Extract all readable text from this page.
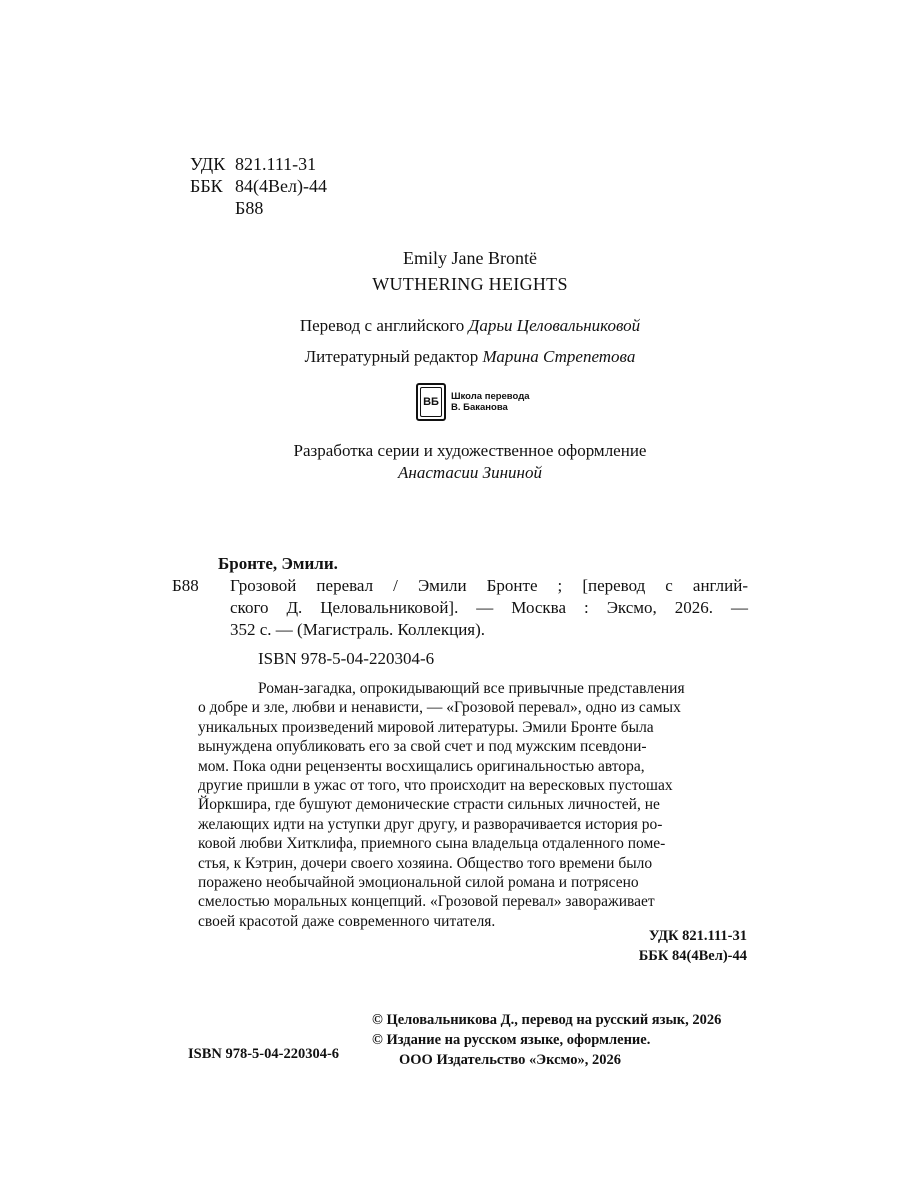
УДК 821.111-31
ББК 84(4Вел)-44
Б88
Emily Jane Brontë
WUTHERING HEIGHTS
Перевод с английского Дарьи Целовальниковой
Литературный редактор Марина Стрепетова
ВБ	Школа перевода
В. Баканова
Разработка серии и художественное оформление
Анастасии Зининой
Бронте, Эмили.
Б88 Грозовой перевал / Эмили Бронте ; [перевод с англий-
ского Д. Целовальниковой]. — Москва : Эксмо, 2026. —
352 с. — (Магистраль. Коллекция).
ISBN 978-5-04-220304-6

Роман-загадка, опрокидывающий все привычные представления

о добре и зле, любви и ненависти, — «Грозовой перевал», одно из самых

уникальных произведений мировой литературы. Эмили Бронте была

вынуждена опубликовать его за свой счет и под мужским псевдони-

мом. Пока одни рецензенты восхищались оригинальностью автора,

другие пришли в ужас от того, что происходит на вересковых пустошах

Йоркшира, где бушуют демонические страсти сильных личностей, не

желающих идти на уступки друг другу, и разворачивается история ро-

ковой любви Хитклифа, приемного сына владельца отдаленного поме-

стья, к Кэтрин, дочери своего хозяина. Общество того времени было

поражено необычайной эмоциональной силой романа и потрясено

смелостью моральных концепций. «Грозовой перевал» завораживает

своей красотой даже современного читателя.

УДК 821.111-31
ББК 84(4Вел)-44
© Целовальникова Д., перевод на русский язык, 2026
© Издание на русском языке, оформление.
ООО Издательство «Эксмо», 2026
ISBN 978-5-04-220304-6
